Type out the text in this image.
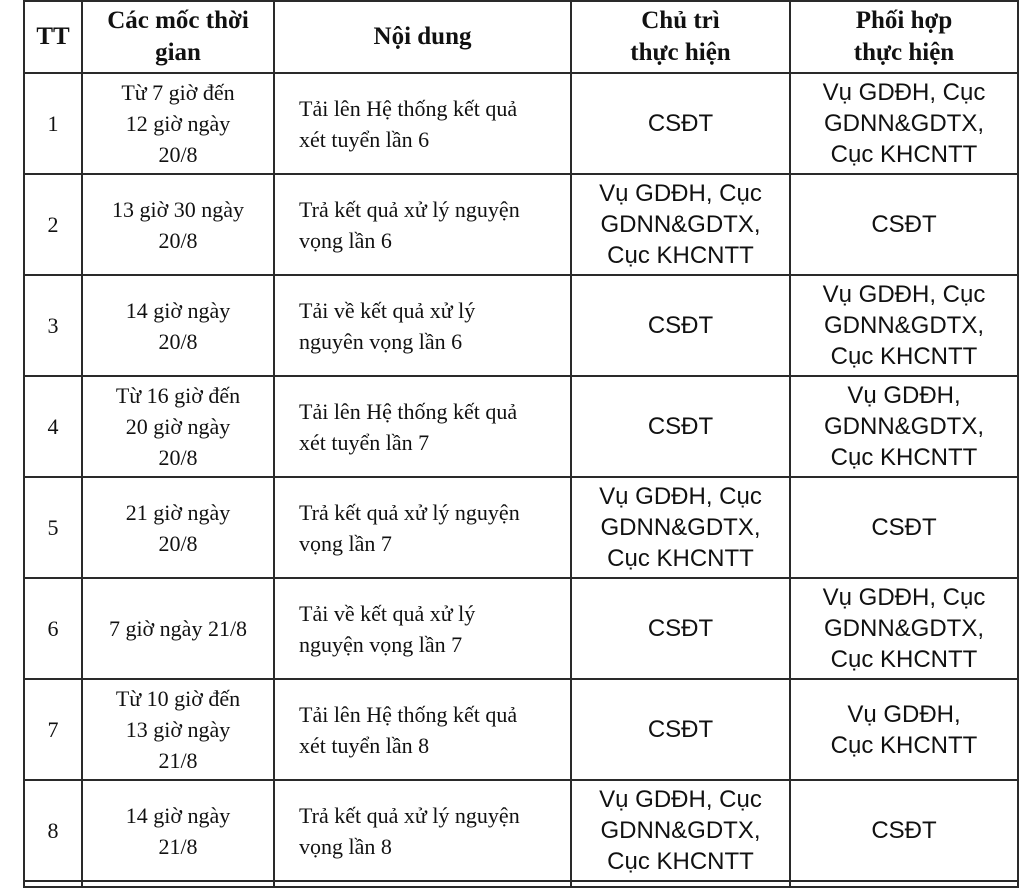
TT	Các mốc thời
gian	Nội dung	Chủ trì
thực hiện	Phối hợp
thực hiện

1	Từ 7 giờ đến
12 giờ ngày
20/8	Tải lên Hệ thống kết quả
xét tuyển lần 6	CSĐT	Vụ GDĐH, Cục
GDNN&GDTX,
Cục KHCNTT

2	13 giờ 30 ngày
20/8	Trả kết quả xử lý nguyện
vọng lần 6	Vụ GDĐH, Cục
GDNN&GDTX,
Cục KHCNTT	CSĐT

3	14 giờ ngày
20/8	Tải về kết quả xử lý
nguyên vọng lần 6	CSĐT	Vụ GDĐH, Cục
GDNN&GDTX,
Cục KHCNTT

4	Từ 16 giờ đến
20 giờ ngày
20/8	Tải lên Hệ thống kết quả
xét tuyển lần 7	CSĐT	Vụ GDĐH,
GDNN&GDTX,
Cục KHCNTT

5	21 giờ ngày
20/8	Trả kết quả xử lý nguyện
vọng lần 7	Vụ GDĐH, Cục
GDNN&GDTX,
Cục KHCNTT	CSĐT

6	7 giờ ngày 21/8	Tải về kết quả xử lý
nguyện vọng lần 7	CSĐT	Vụ GDĐH, Cục
GDNN&GDTX,
Cục KHCNTT

7	Từ 10 giờ đến
13 giờ ngày
21/8	Tải lên Hệ thống kết quả
xét tuyển lần 8	CSĐT	Vụ GDĐH,
Cục KHCNTT

8	14 giờ ngày
21/8	Trả kết quả xử lý nguyện
vọng lần 8	Vụ GDĐH, Cục
GDNN&GDTX,
Cục KHCNTT	CSĐT
